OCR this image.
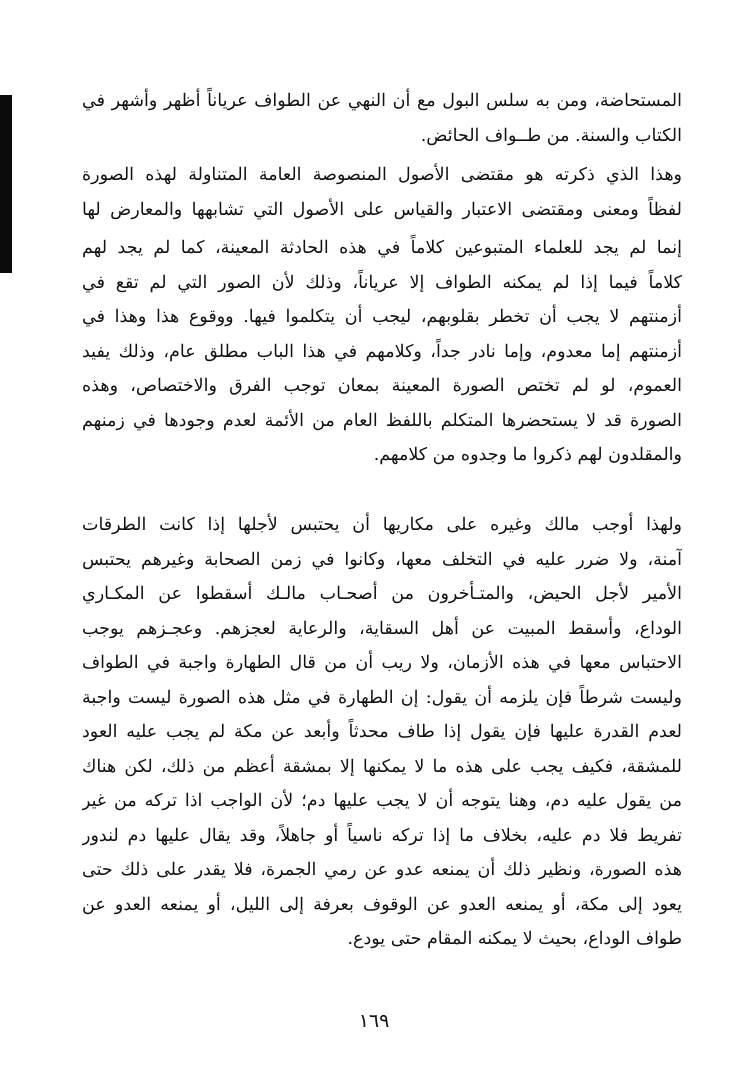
المستحاضة، ومن به سلس البول مع أن النهي عن الطواف عرياناً أظهر وأشهر في
الكتاب والسنة. من طــواف الحائض.
وهذا الذي ذكرته هو مقتضى الأصول المنصوصة العامة المتناولة لهذه الصورة
لفظاً ومعنى ومقتضى الاعتبار والقياس على الأصول التي تشابهها والمعارض لها
إنما لم يجد للعلماء المتبوعين كلاماً في هذه الحادثة المعينة، كما لم يجد لهم
كلاماً فيما إذا لم يمكنه الطواف إلا عرياناً، وذلك لأن الصور التي لم تقع في
أزمنتهم لا يجب أن تخطر بقلوبهم، ليجب أن يتكلموا فيها. ووقوع هذا وهذا في
أزمنتهم إما معدوم، وإما نادر جداً، وكلامهم في هذا الباب مطلق عام، وذلك يفيد
العموم، لو لم تختص الصورة المعينة بمعان توجب الفرق والاختصاص، وهذه
الصورة قد لا يستحضرها المتكلم باللفظ العام من الأئمة لعدم وجودها في زمنهم
والمقلدون لهم ذكروا ما وجدوه من كلامهم.
ولهذا أوجب مالك وغيره على مكاريها أن يحتبس لأجلها إذا كانت الطرقات
آمنة، ولا ضرر عليه في التخلف معها، وكانوا في زمن الصحابة وغيرهم يحتبس
الأمير لأجل الحيض، والمتـأخرون من أصحـاب مالـك أسقطوا عن المكـاري
الوداع، وأسقط المبيت عن أهل السقاية، والرعاية لعجزهم. وعجـزهم يوجب
الاحتباس معها في هذه الأزمان، ولا ريب أن من قال الطهارة واجبة في الطواف
وليست شرطاً فإن يلزمه أن يقول: إن الطهارة في مثل هذه الصورة ليست واجبة
لعدم القدرة عليها فإن يقول إذا طاف محدثاً وأبعد عن مكة لم يجب عليه العود
للمشقة، فكيف يجب على هذه ما لا يمكنها إلا بمشقة أعظم من ذلك، لكن هناك
من يقول عليه دم، وهنا يتوجه أن لا يجب عليها دم؛ لأن الواجب اذا تركه من غير
تفريط فلا دم عليه، بخلاف ما إذا تركه ناسياً أو جاهلاً، وقد يقال عليها دم لندور
هذه الصورة، ونظير ذلك أن يمنعه عدو عن رمي الجمرة، فلا يقدر على ذلك حتى
يعود إلى مكة، أو يمنعه العدو عن الوقوف بعرفة إلى الليل، أو يمنعه العدو عن
طواف الوداع، بحيث لا يمكنه المقام حتى يودع.
١٦٩
